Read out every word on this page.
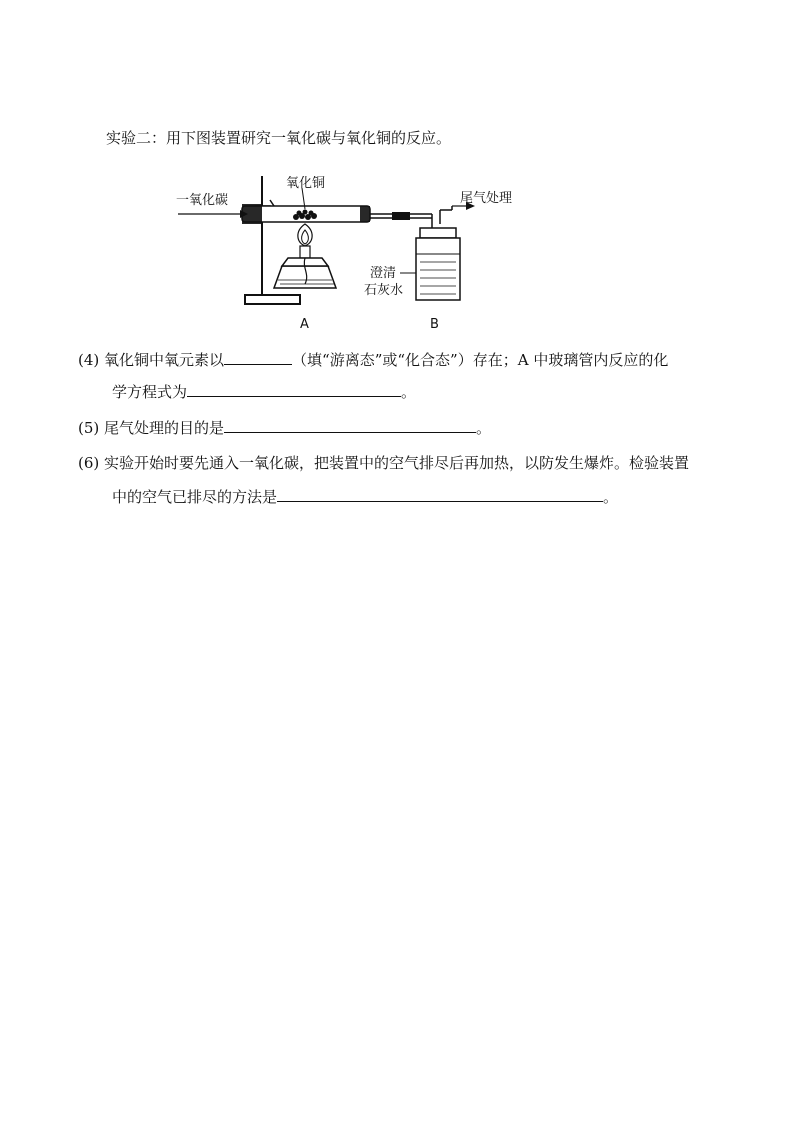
实验二：用下图装置研究一氧化碳与氧化铜的反应。
一氧化碳
氧化铜
尾气处理
澄清
石灰水
A	B
(4) 氧化铜中氧元素以	（填“游离态”或“化合态”）存在；A 中玻璃管内反应的化
学方程式为	。
(5) 尾气处理的目的是	。
(6) 实验开始时要先通入一氧化碳，把装置中的空气排尽后再加热，以防发生爆炸。检验装置
中的空气已排尽的方法是	。
